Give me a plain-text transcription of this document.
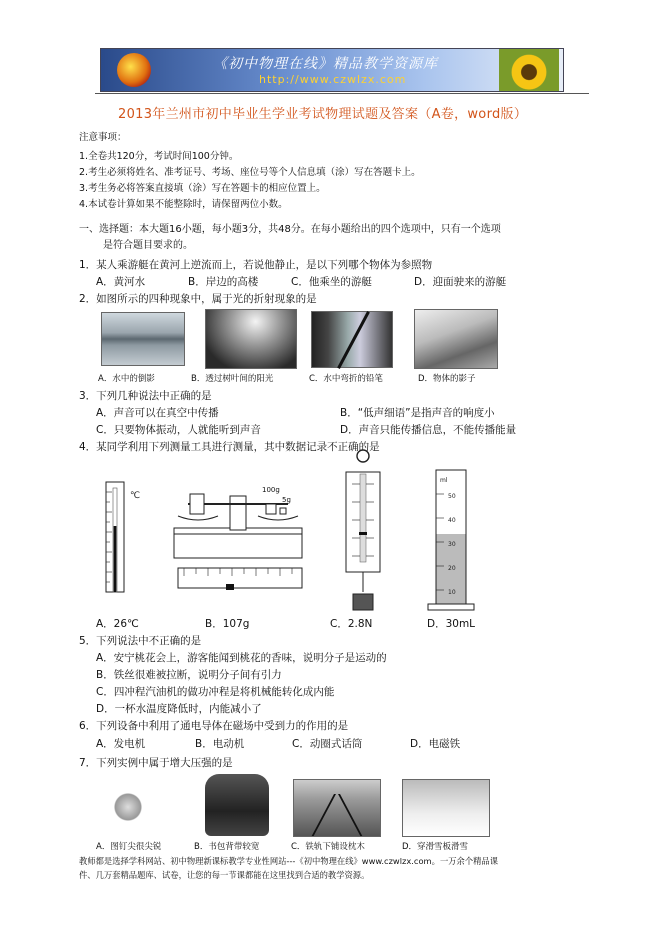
《初中物理在线》精品教学资源库
http://www.czwlzx.com
2013年兰州市初中毕业生学业考试物理试题及答案（A卷，word版）
注意事项：
1.全卷共120分，考试时间100分钟。
2.考生必须将姓名、准考证号、考场、座位号等个人信息填（涂）写在答题卡上。
3.考生务必将答案直接填（涂）写在答题卡的相应位置上。
4.本试卷计算如果不能整除时，请保留两位小数。
一、选择题：本大题16小题，每小题3分，共48分。在每小题给出的四个选项中，只有一个选项
是符合题目要求的。
1．某人乘游艇在黄河上逆流而上，若说他静止，是以下列哪个物体为参照物
A．黄河水	B．岸边的高楼	C．他乘坐的游艇	D．迎面驶来的游艇
2．如图所示的四种现象中，属于光的折射现象的是
A．水中的倒影	B．透过树叶间的阳光	C．水中弯折的铅笔	D．物体的影子
3．下列几种说法中正确的是
A．声音可以在真空中传播	B．“低声细语”是指声音的响度小
C．只要物体振动，人就能听到声音	D．声音只能传播信息，不能传播能量
4．某同学利用下列测量工具进行测量，其中数据记录不正确的是
℃
100g
5g
ml
50
40
30
20
10
A．26℃	B．107g	C．2.8N	D．30mL
5．下列说法中不正确的是
A．安宁桃花会上，游客能闻到桃花的香味，说明分子是运动的
B．铁丝很难被拉断，说明分子间有引力
C．四冲程汽油机的做功冲程是将机械能转化成内能
D．一杯水温度降低时，内能减小了
6．下列设备中利用了通电导体在磁场中受到力的作用的是
A．发电机	B．电动机	C．动圈式话筒	D．电磁铁
7．下列实例中属于增大压强的是
A．图钉尖很尖锐	B．书包背带较宽	C．铁轨下铺设枕木	D．穿滑雪板滑雪
教师都是选择学科网站、初中物理新课标教学专业性网站---《初中物理在线》www.czwlzx.com。一万余个精品课
件、几万套精品题库、试卷，让您的每一节课都能在这里找到合适的教学资源。
